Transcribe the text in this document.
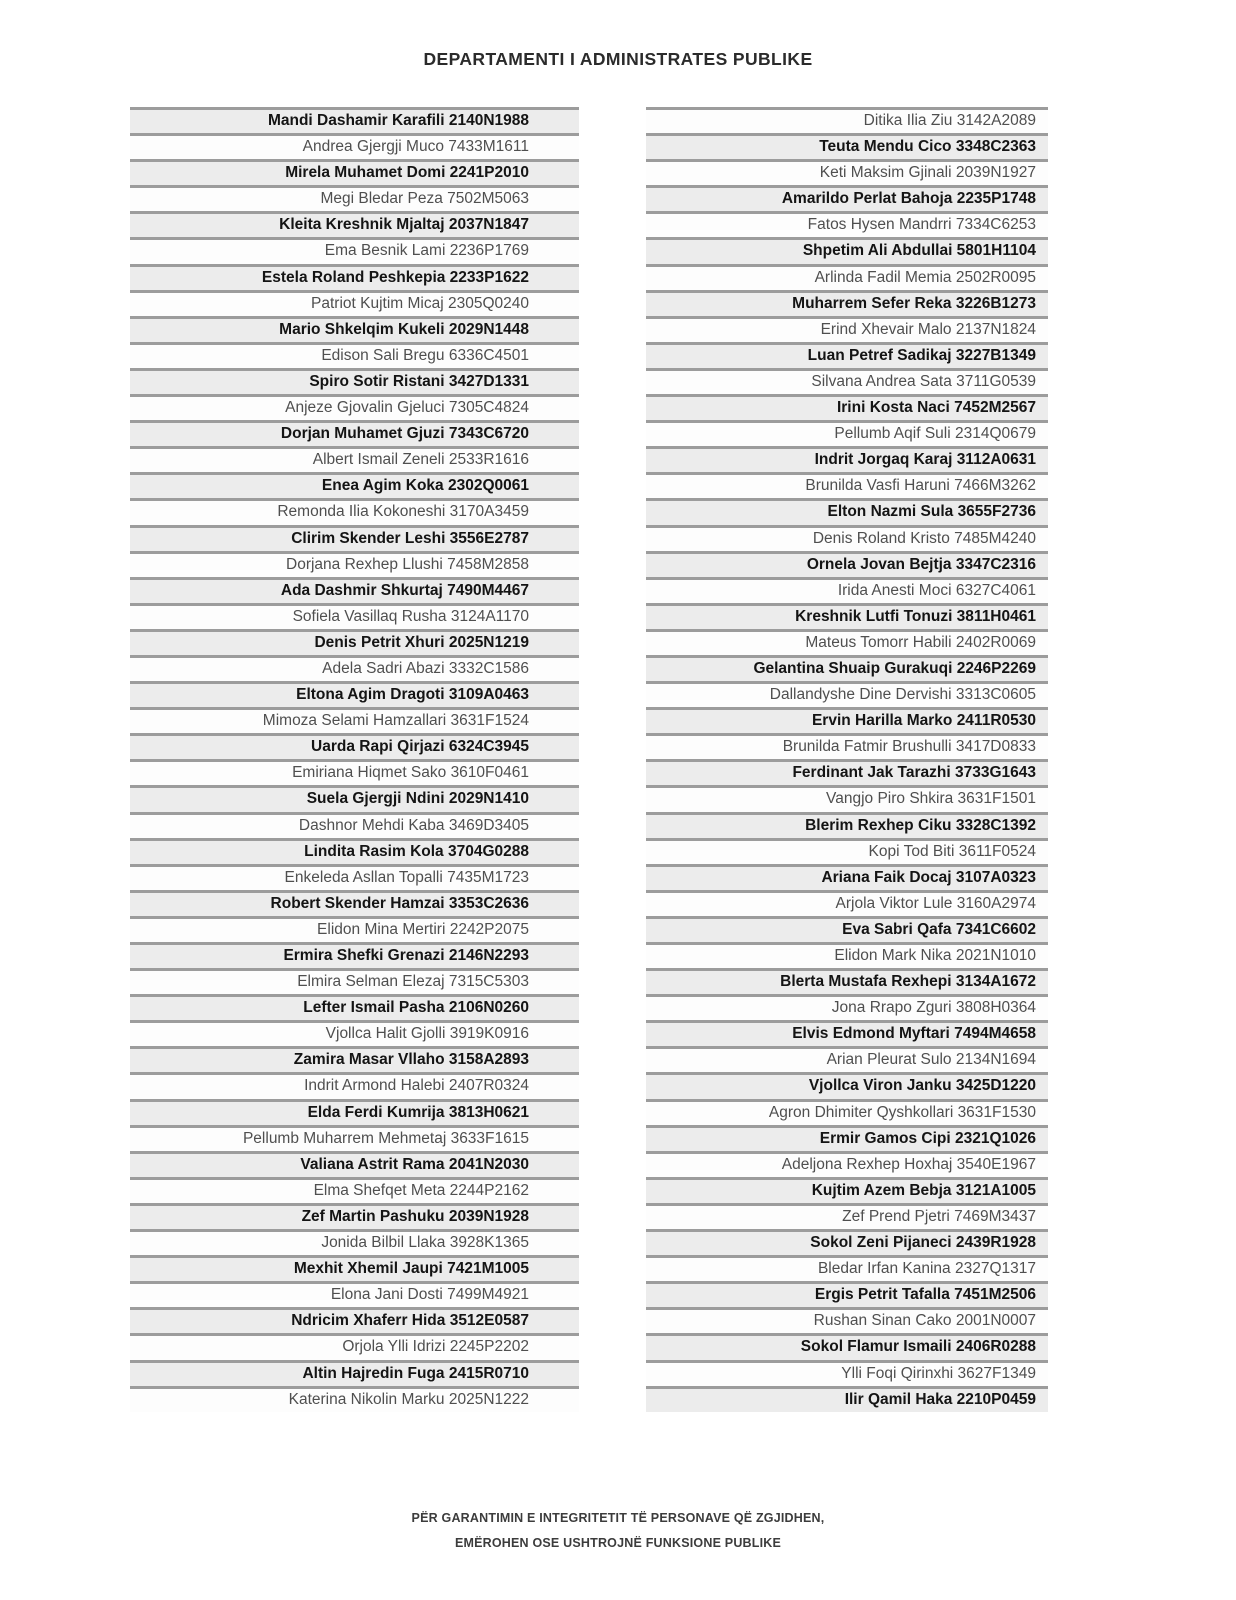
DEPARTAMENTI I ADMINISTRATES PUBLIKE
Mandi Dashamir Karafili 2140N1988
Andrea Gjergji Muco 7433M1611
Mirela Muhamet Domi 2241P2010
Megi Bledar Peza 7502M5063
Kleita Kreshnik Mjaltaj 2037N1847
Ema Besnik Lami 2236P1769
Estela Roland Peshkepia 2233P1622
Patriot Kujtim Micaj 2305Q0240
Mario Shkelqim Kukeli 2029N1448
Edison Sali Bregu 6336C4501
Spiro Sotir Ristani 3427D1331
Anjeze Gjovalin Gjeluci 7305C4824
Dorjan Muhamet Gjuzi 7343C6720
Albert Ismail Zeneli 2533R1616
Enea Agim Koka 2302Q0061
Remonda Ilia Kokoneshi 3170A3459
Clirim Skender Leshi 3556E2787
Dorjana Rexhep Llushi 7458M2858
Ada Dashmir Shkurtaj 7490M4467
Sofiela Vasillaq Rusha 3124A1170
Denis Petrit Xhuri 2025N1219
Adela Sadri Abazi 3332C1586
Eltona Agim Dragoti 3109A0463
Mimoza Selami Hamzallari 3631F1524
Uarda Rapi Qirjazi 6324C3945
Emiriana Hiqmet Sako 3610F0461
Suela Gjergji Ndini 2029N1410
Dashnor Mehdi Kaba 3469D3405
Lindita Rasim Kola 3704G0288
Enkeleda Asllan Topalli 7435M1723
Robert Skender Hamzai 3353C2636
Elidon Mina Mertiri 2242P2075
Ermira Shefki Grenazi 2146N2293
Elmira Selman Elezaj 7315C5303
Lefter Ismail Pasha 2106N0260
Vjollca Halit Gjolli 3919K0916
Zamira Masar Vllaho 3158A2893
Indrit Armond Halebi 2407R0324
Elda Ferdi Kumrija 3813H0621
Pellumb Muharrem Mehmetaj 3633F1615
Valiana Astrit Rama 2041N2030
Elma Shefqet Meta 2244P2162
Zef Martin Pashuku 2039N1928
Jonida Bilbil Llaka 3928K1365
Mexhit Xhemil Jaupi 7421M1005
Elona Jani Dosti 7499M4921
Ndricim Xhaferr Hida 3512E0587
Orjola Ylli Idrizi 2245P2202
Altin Hajredin Fuga 2415R0710
Katerina Nikolin Marku 2025N1222
Ditika Ilia Ziu 3142A2089
Teuta Mendu Cico 3348C2363
Keti Maksim Gjinali 2039N1927
Amarildo Perlat Bahoja 2235P1748
Fatos Hysen Mandrri 7334C6253
Shpetim Ali Abdullai 5801H1104
Arlinda Fadil Memia 2502R0095
Muharrem Sefer Reka 3226B1273
Erind Xhevair Malo 2137N1824
Luan Petref Sadikaj 3227B1349
Silvana Andrea Sata 3711G0539
Irini Kosta Naci 7452M2567
Pellumb Aqif Suli 2314Q0679
Indrit Jorgaq Karaj 3112A0631
Brunilda Vasfi Haruni 7466M3262
Elton Nazmi Sula 3655F2736
Denis Roland Kristo 7485M4240
Ornela Jovan Bejtja 3347C2316
Irida Anesti Moci 6327C4061
Kreshnik Lutfi Tonuzi 3811H0461
Mateus Tomorr Habili 2402R0069
Gelantina Shuaip Gurakuqi 2246P2269
Dallandyshe Dine Dervishi 3313C0605
Ervin Harilla Marko 2411R0530
Brunilda Fatmir Brushulli 3417D0833
Ferdinant Jak Tarazhi 3733G1643
Vangjo Piro Shkira 3631F1501
Blerim Rexhep Ciku 3328C1392
Kopi Tod Biti 3611F0524
Ariana Faik Docaj 3107A0323
Arjola Viktor Lule 3160A2974
Eva Sabri Qafa 7341C6602
Elidon Mark Nika 2021N1010
Blerta Mustafa Rexhepi 3134A1672
Jona Rrapo Zguri 3808H0364
Elvis Edmond Myftari 7494M4658
Arian Pleurat Sulo 2134N1694
Vjollca Viron Janku 3425D1220
Agron Dhimiter Qyshkollari 3631F1530
Ermir Gamos Cipi 2321Q1026
Adeljona Rexhep Hoxhaj 3540E1967
Kujtim Azem Bebja 3121A1005
Zef Prend Pjetri 7469M3437
Sokol Zeni Pijaneci 2439R1928
Bledar Irfan Kanina 2327Q1317
Ergis Petrit Tafalla 7451M2506
Rushan Sinan Cako 2001N0007
Sokol Flamur Ismaili 2406R0288
Ylli Foqi Qirinxhi 3627F1349
Ilir Qamil Haka 2210P0459
PËR GARANTIMIN E INTEGRITETIT TË PERSONAVE QË ZGJIDHEN,
EMËROHEN OSE USHTROJNË FUNKSIONE PUBLIKE
